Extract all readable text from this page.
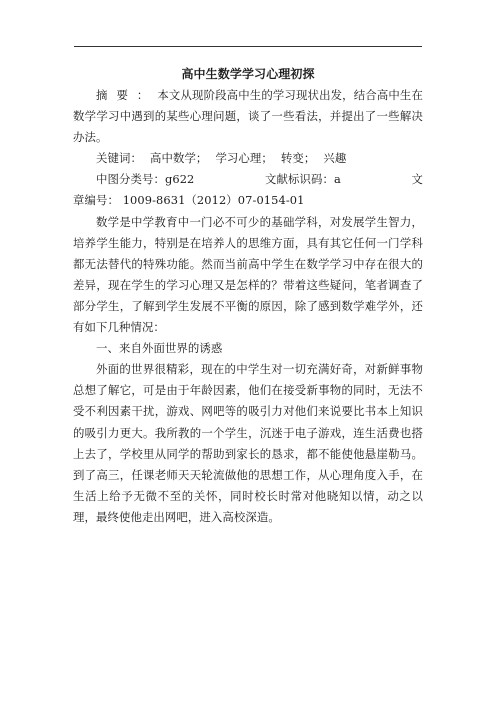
高中生数学学习心理初探

摘要：本文从现阶段高中生的学习现状出发，结合高中生在数学学习中遇到的某些心理问题，谈了一些看法，并提出了一些解决办法。

关键词： 高中数学； 学习心理； 转变； 兴趣

中图分类号：g622	文献标识码：a	文
章编号： 1009-8631（2012）07-0154-01

数学是中学教育中一门必不可少的基础学科，对发展学生智力，培养学生能力，特别是在培养人的思维方面，具有其它任何一门学科都无法替代的特殊功能。然而当前高中学生在数学学习中存在很大的差异，现在学生的学习心理又是怎样的？带着这些疑问，笔者调查了部分学生，了解到学生发展不平衡的原因，除了感到数学难学外，还有如下几种情况：

一、来自外面世界的诱惑

外面的世界很精彩，现在的中学生对一切充满好奇，对新鲜事物总想了解它，可是由于年龄因素，他们在接受新事物的同时，无法不受不利因素干扰，游戏、网吧等的吸引力对他们来说要比书本上知识的吸引力更大。我所教的一个学生，沉迷于电子游戏，连生活费也搭上去了，学校里从同学的帮助到家长的恳求，都不能使他悬崖勒马。到了高三，任课老师天天轮流做他的思想工作，从心理角度入手，在生活上给予无微不至的关怀，同时校长时常对他晓知以情，动之以理，最终使他走出网吧，进入高校深造。
